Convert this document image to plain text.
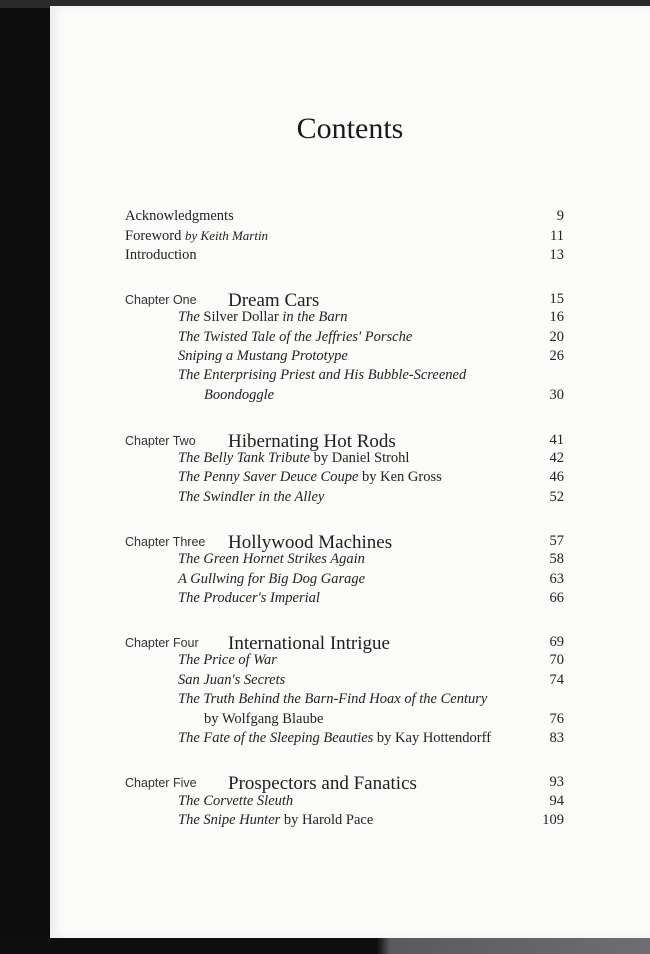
Contents
Acknowledgments	9
Foreword by Keith Martin	11
Introduction	13
Chapter One Dream Cars	15
The Silver Dollar in the Barn	16
The Twisted Tale of the Jeffries' Porsche	20
Sniping a Mustang Prototype	26
The Enterprising Priest and His Bubble-Screened
Boondoggle	30
Chapter Two Hibernating Hot Rods	41
The Belly Tank Tribute by Daniel Strohl	42
The Penny Saver Deuce Coupe by Ken Gross	46
The Swindler in the Alley	52
Chapter Three Hollywood Machines	57
The Green Hornet Strikes Again	58
A Gullwing for Big Dog Garage	63
The Producer's Imperial	66
Chapter Four International Intrigue	69
The Price of War	70
San Juan's Secrets	74
The Truth Behind the Barn-Find Hoax of the Century
by Wolfgang Blaube	76
The Fate of the Sleeping Beauties by Kay Hottendorff	83
Chapter Five Prospectors and Fanatics	93
The Corvette Sleuth	94
The Snipe Hunter by Harold Pace	109
